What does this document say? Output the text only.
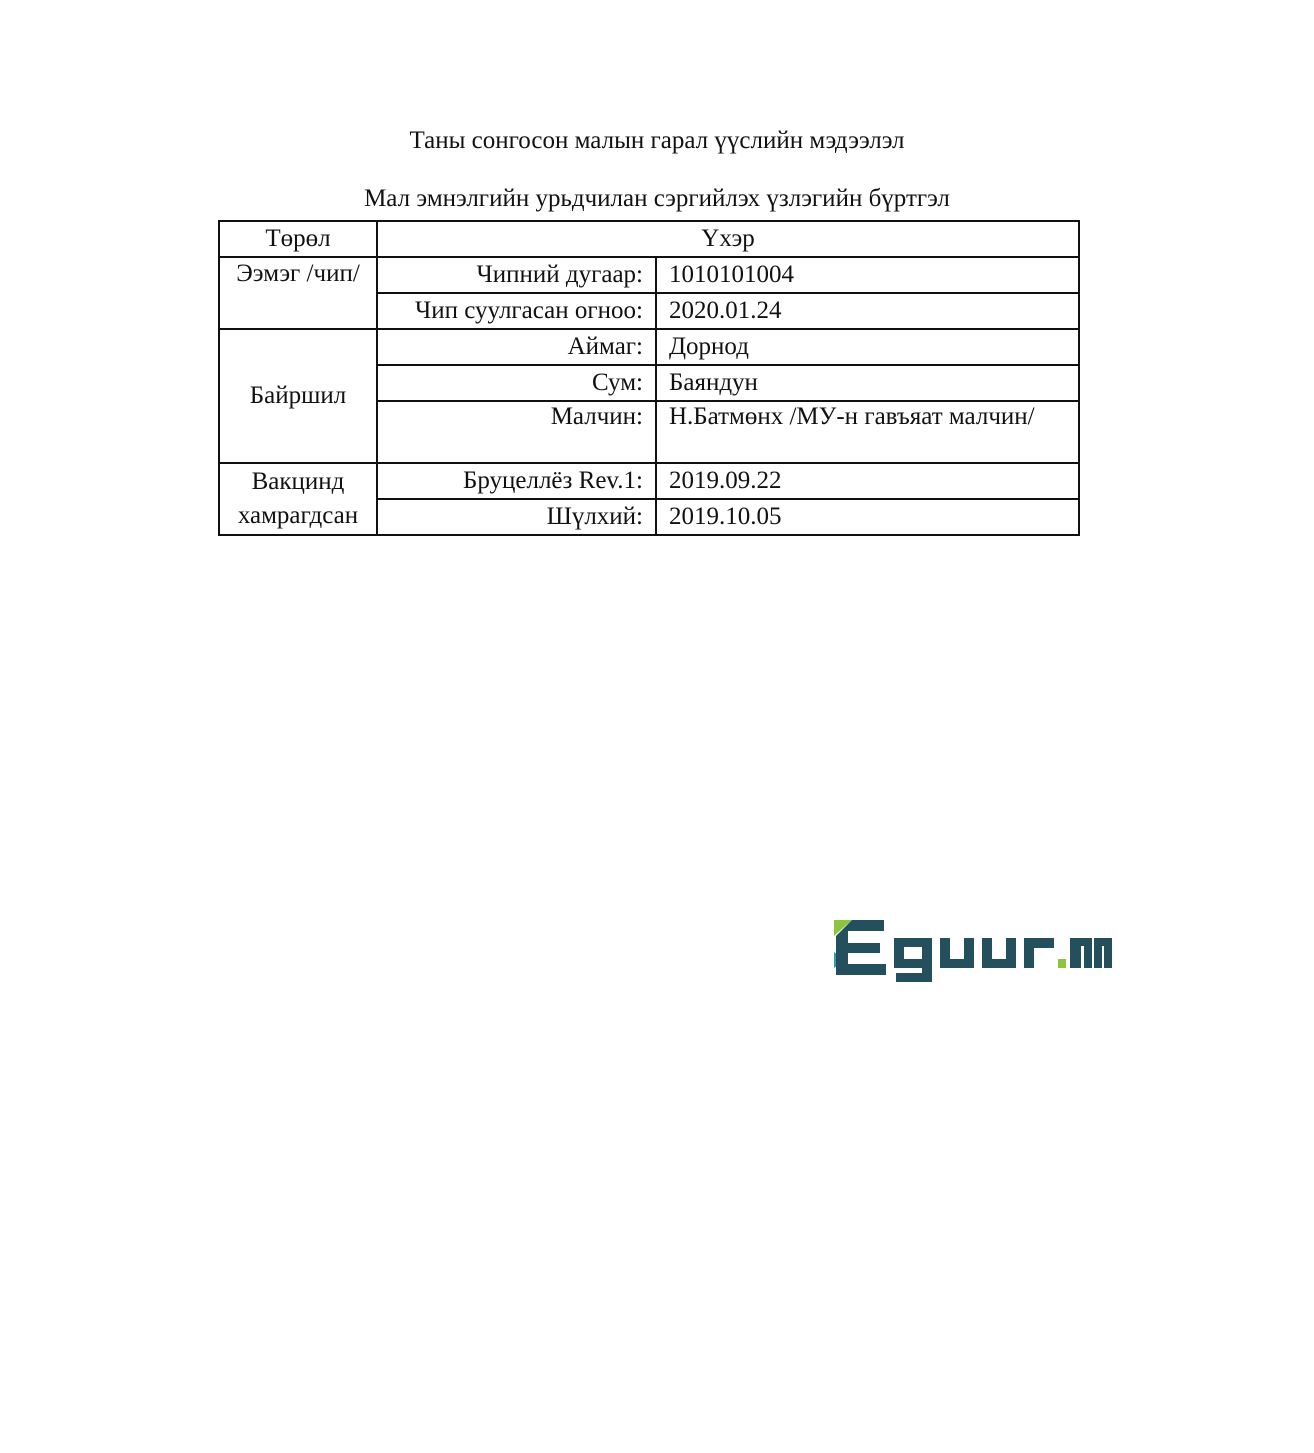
Таны сонгосон малын гарал үүслийн мэдээлэл
Мал эмнэлгийн урьдчилан сэргийлэх үзлэгийн бүртгэл
Төрөл	Үхэр	
Ээмэг /чип/	Чипний дугаар:	1010101004
	Чип суулгасан огноо:	2020.01.24
Байршил	Аймаг:	Дорнод
	Сум:	Баяндун
	Малчин:	Н.Батмөнх /МУ-н гавъяат малчин/

Вакцинд
хамрагдсан	Бруцеллёз Rev.1:	2019.09.22
	Шүлхий:	2019.10.05
